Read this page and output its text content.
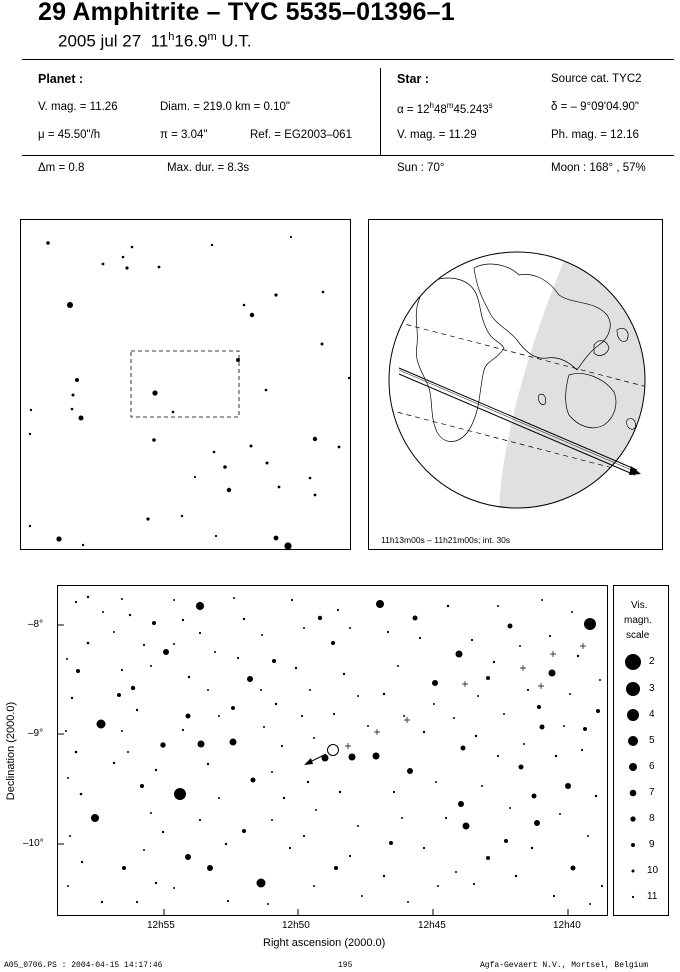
29 Amphitrite – TYC 5535–01396–1
2005 jul 27 11$^h$16.9$^m$ U.T.
Planet :
V. mag. = 11.26	Diam. = 219.0 km = 0.10"
μ = 45.50"/h	π = 3.04"	Ref. = EG2003–061
Star :	Source cat. TYC2
$\alpha = 12^h48^m45.243^s$	δ = – 9°09'04.90"
V. mag. = 11.29	Ph. mag. = 12.16
Δm = 0.8	Max. dur. = 8.3s	Sun : 70°	Moon : 168° , 57%
11h13m00s – 11h21m00s; int. 30s
Declination (2000.0)
–8°
–9°
–10°
12h55	12h50	12h45	12h40
Right ascension (2000.0)
Vis.
magn.
scale
2
3
4
5
6
7
8
9
10
11
A05_0706.PS : 2004-04-15 14:17:46	195	Agfa-Gevaert N.V., Mortsel, Belgium
